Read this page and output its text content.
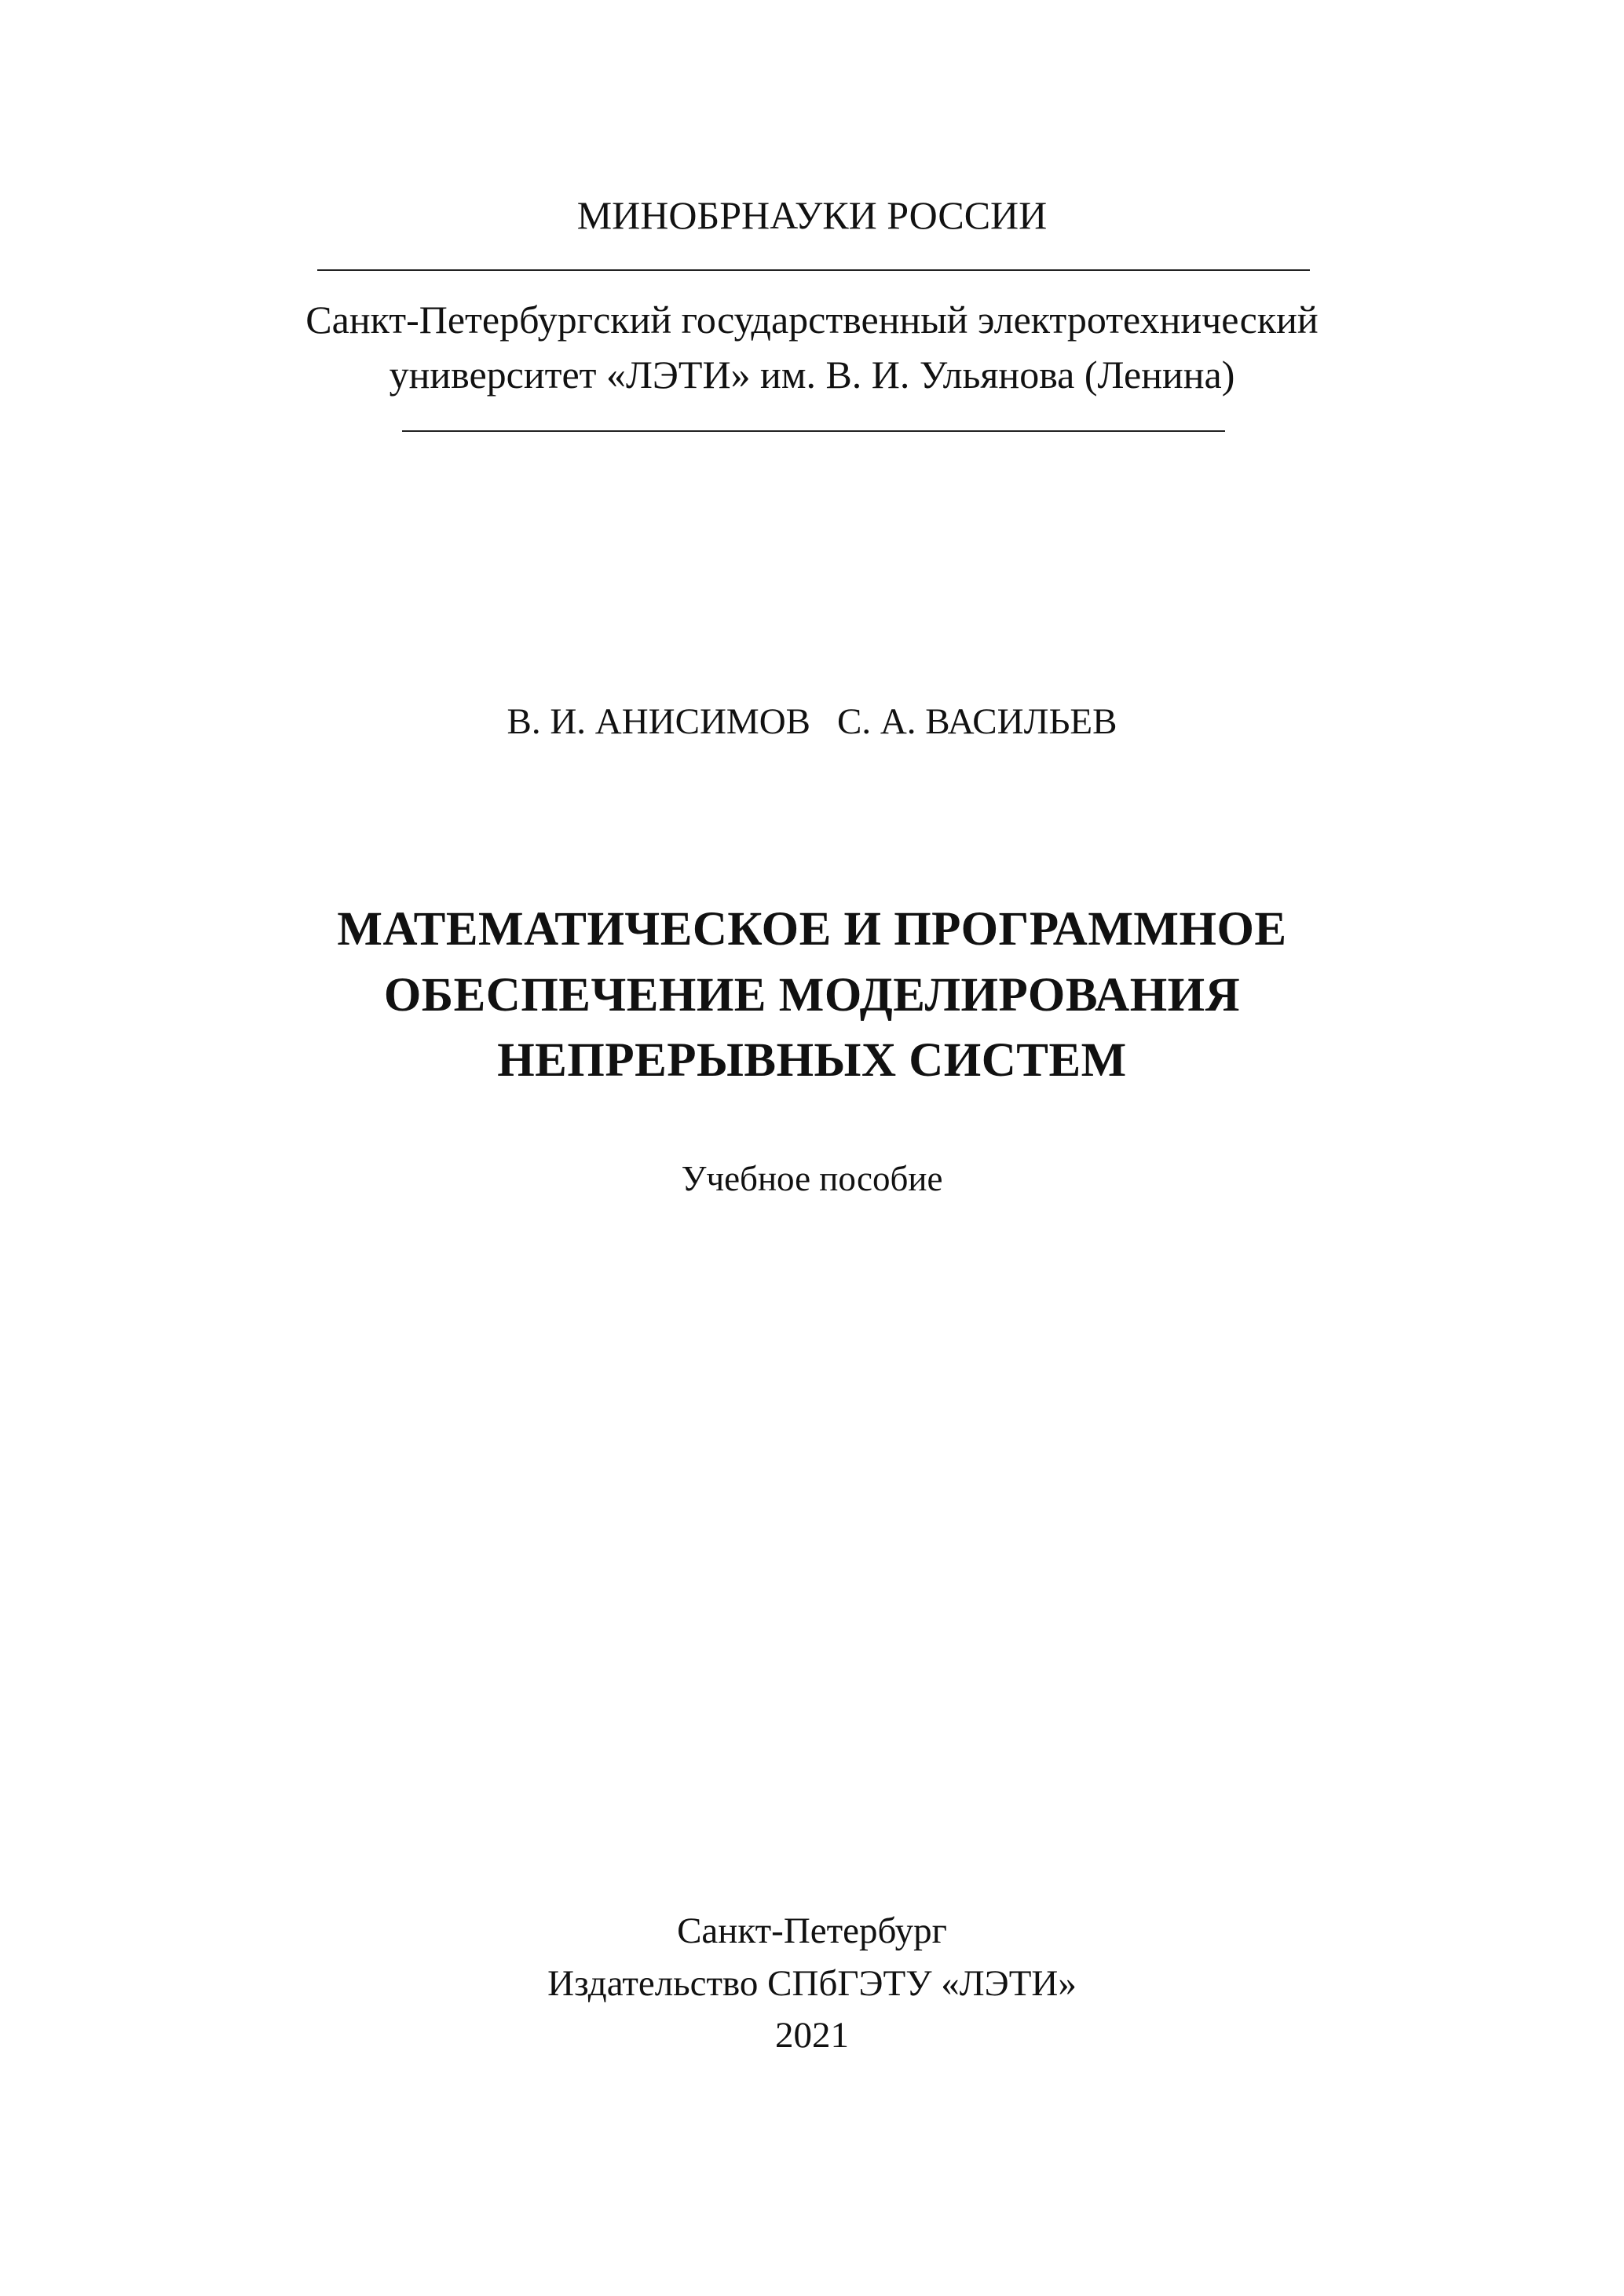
МИНОБРНАУКИ РОССИИ
Санкт-Петербургский государственный электротехнический
университет «ЛЭТИ» им. В. И. Ульянова (Ленина)
В. И. АНИСИМОВ С. А. ВАСИЛЬЕВ
МАТЕМАТИЧЕСКОЕ И ПРОГРАММНОЕ
ОБЕСПЕЧЕНИЕ МОДЕЛИРОВАНИЯ
НЕПРЕРЫВНЫХ СИСТЕМ
Учебное пособие
Санкт-Петербург
Издательство СПбГЭТУ «ЛЭТИ»
2021
